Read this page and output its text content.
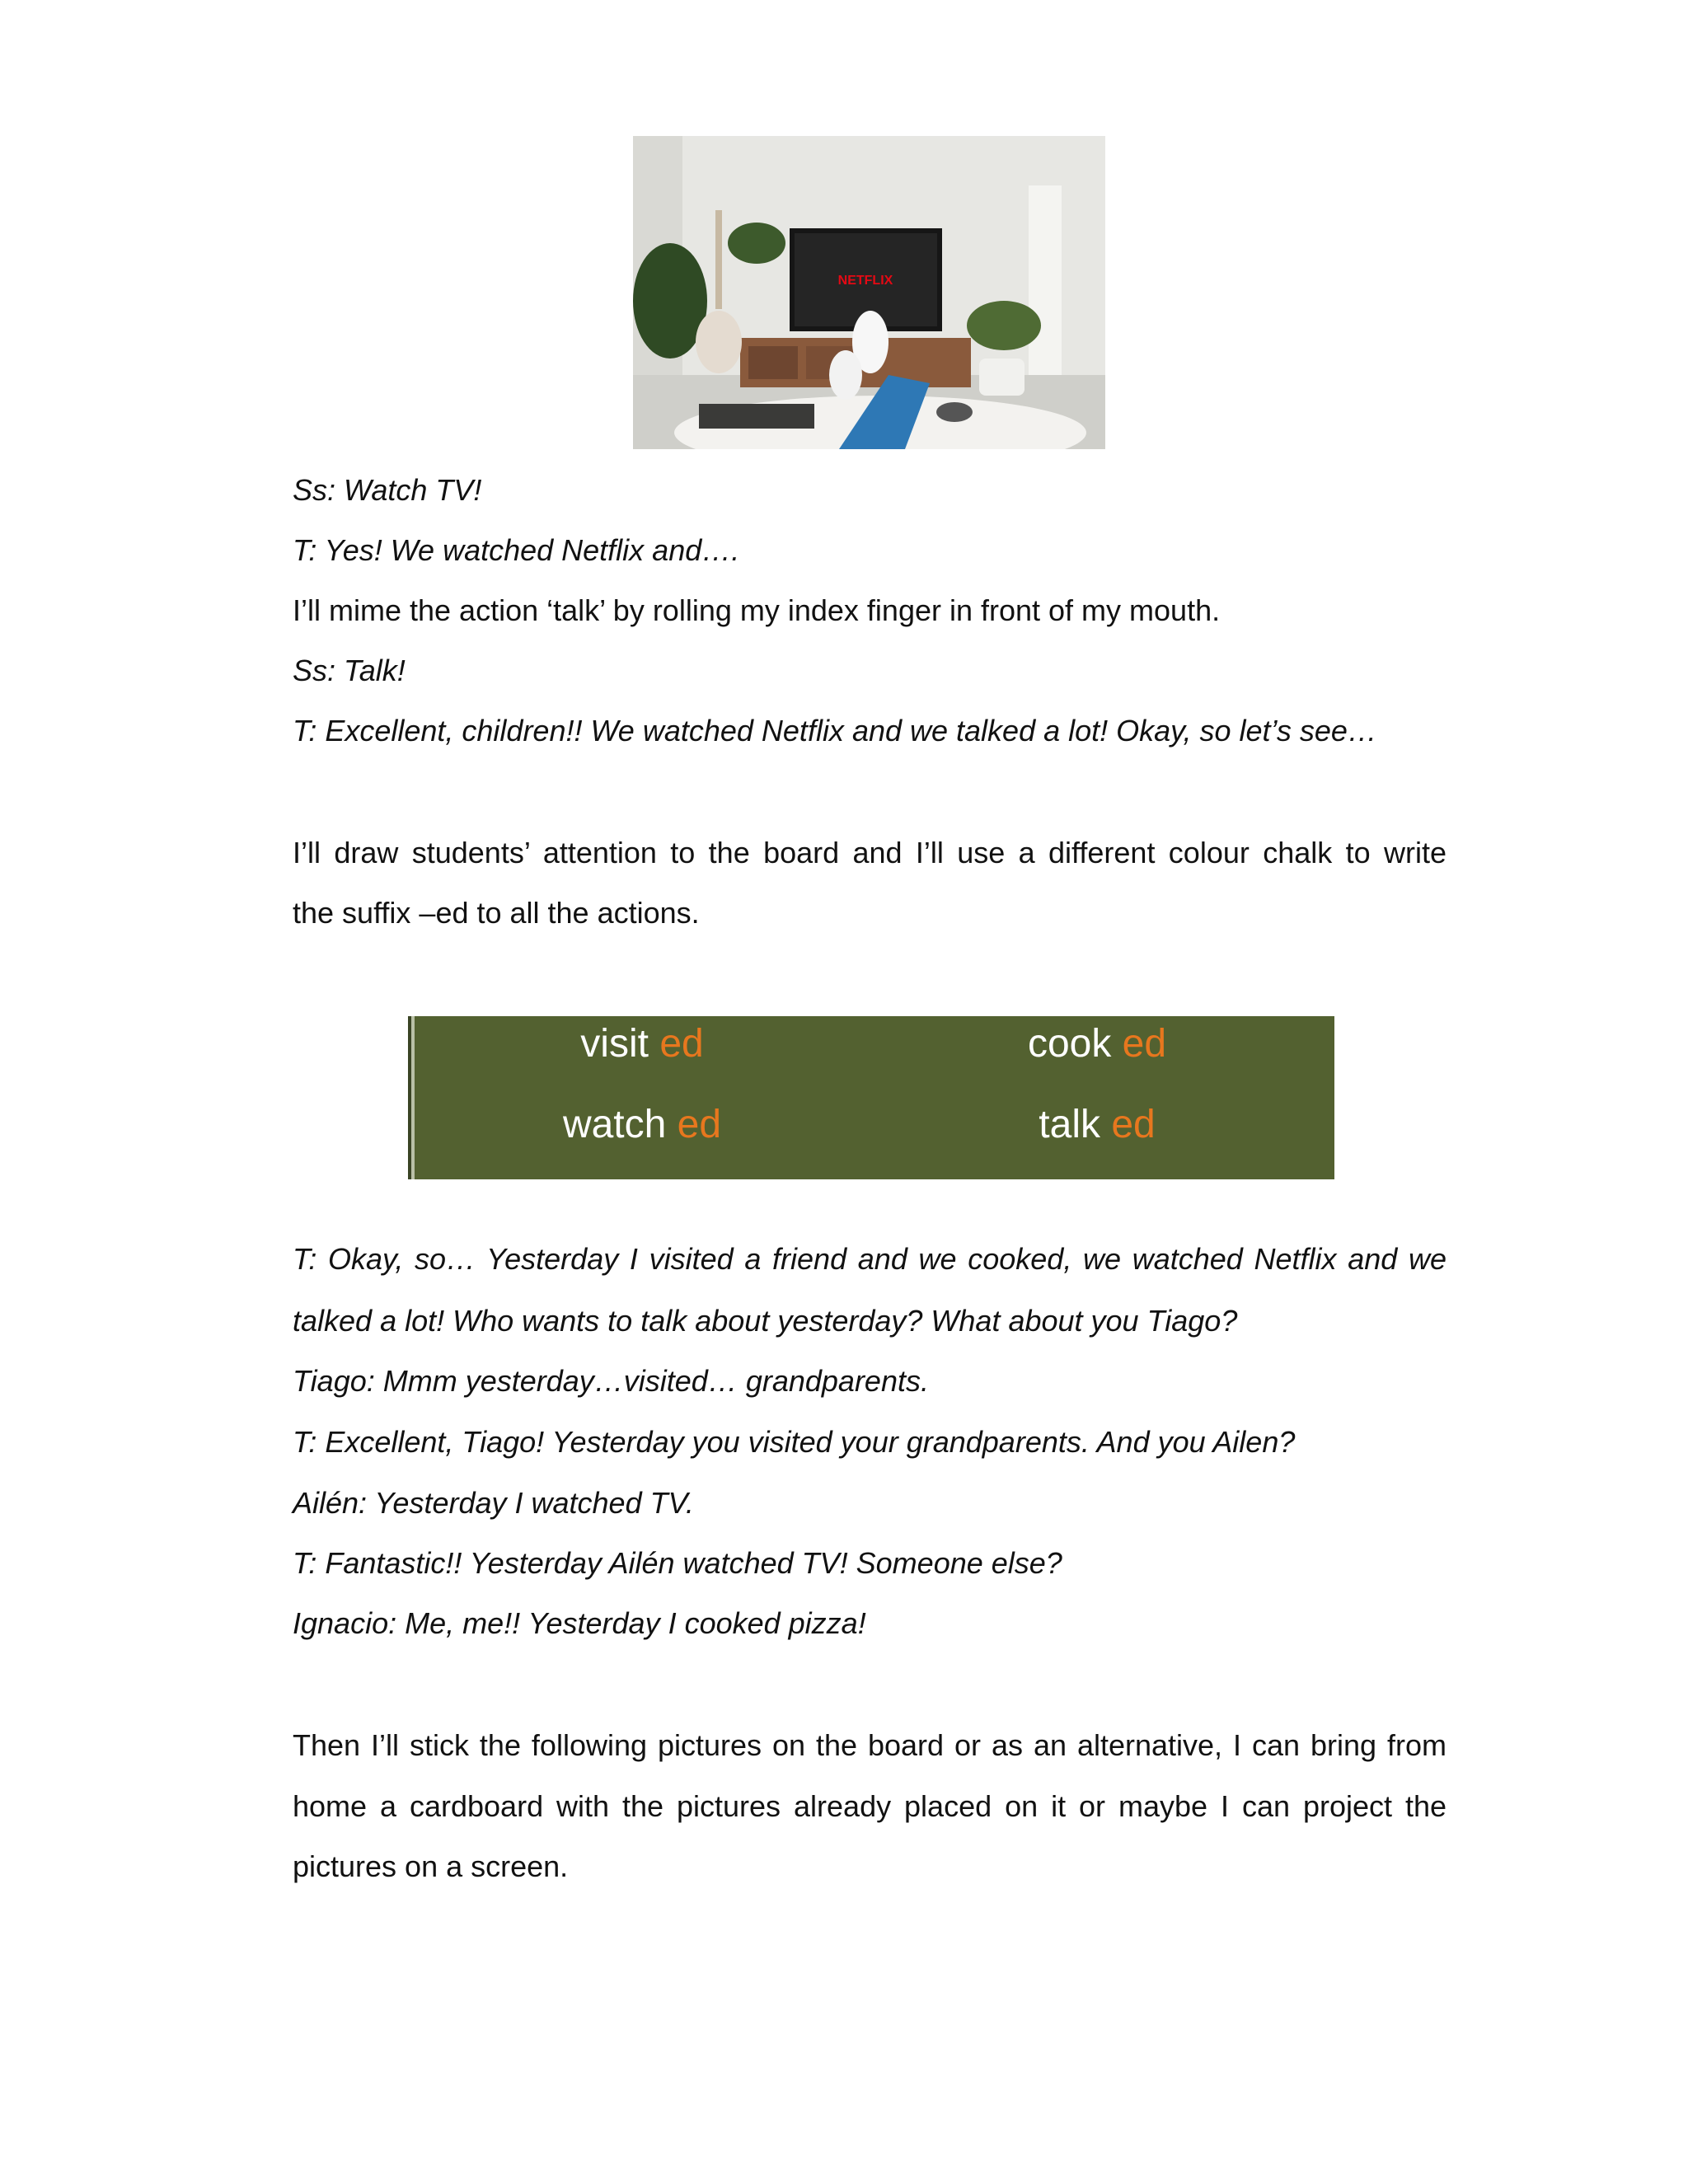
NETFLIX

Ss: Watch TV!

T: Yes! We watched Netflix and….

I’ll mime the action ‘talk’ by rolling my index finger in front of my mouth.

Ss: Talk!

T: Excellent, children!! We watched Netflix and we talked a lot! Okay, so let’s see…

I’ll draw students’ attention to the board and I’ll use a different colour chalk to write

the suffix –ed to all the actions.

visit ed	cook ed
watch ed	talk ed

T: Okay, so… Yesterday I visited a friend and we cooked, we watched Netflix and we

talked a lot! Who wants to talk about yesterday? What about you Tiago?

Tiago: Mmm yesterday…visited… grandparents.

T: Excellent, Tiago! Yesterday you visited your grandparents. And you Ailen?

Ailén: Yesterday I watched TV.

T: Fantastic!! Yesterday Ailén watched TV! Someone else?

Ignacio: Me, me!! Yesterday I cooked pizza!

Then I’ll stick the following pictures on the board or as an alternative, I can bring from

home a cardboard with the pictures already placed on it or maybe I can project the

pictures on a screen.
